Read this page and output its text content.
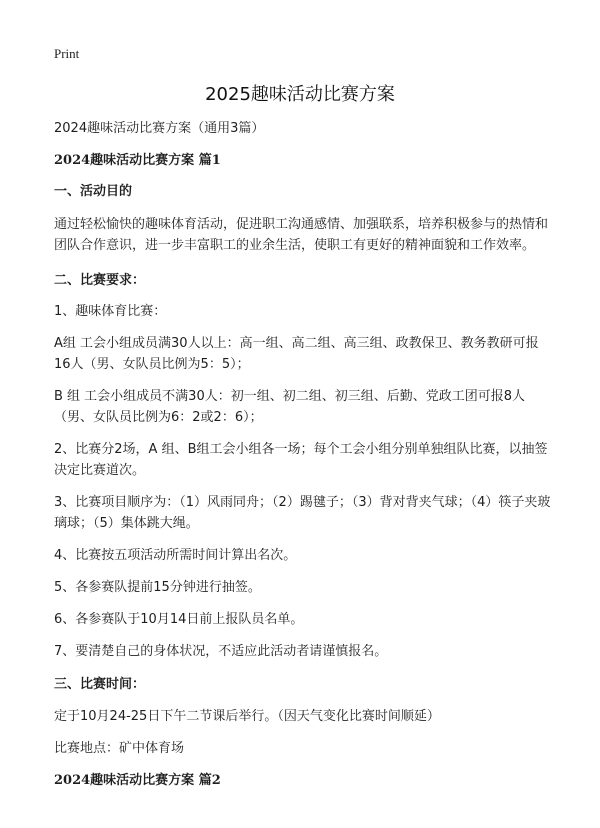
Print
2025趣味活动比赛方案

2024趣味活动比赛方案（通用3篇）

2024趣味活动比赛方案 篇1

一、活动目的

通过轻松愉快的趣味体育活动，促进职工沟通感情、加强联系，培养积极参与的热情和团队合作意识，进一步丰富职工的业余生活，使职工有更好的精神面貌和工作效率。

二、比赛要求：

1、趣味体育比赛：

A组 工会小组成员满30人以上：高一组、高二组、高三组、政教保卫、教务教研可报16人（男、女队员比例为5：5）；

B 组 工会小组成员不满30人：初一组、初二组、初三组、后勤、党政工团可报8人（男、女队员比例为6：2或2：6）；

2、比赛分2场，A 组、B组工会小组各一场；每个工会小组分别单独组队比赛，以抽签决定比赛道次。

3、比赛项目顺序为：（1）风雨同舟；（2）踢毽子；（3）背对背夹气球；（4）筷子夹玻璃球；（5）集体跳大绳。

4、比赛按五项活动所需时间计算出名次。

5、各参赛队提前15分钟进行抽签。

6、各参赛队于10月14日前上报队员名单。

7、要清楚自己的身体状况，不适应此活动者请谨慎报名。

三、比赛时间：

定于10月24-25日下午二节课后举行。（因天气变化比赛时间顺延）

比赛地点：矿中体育场

2024趣味活动比赛方案 篇2
